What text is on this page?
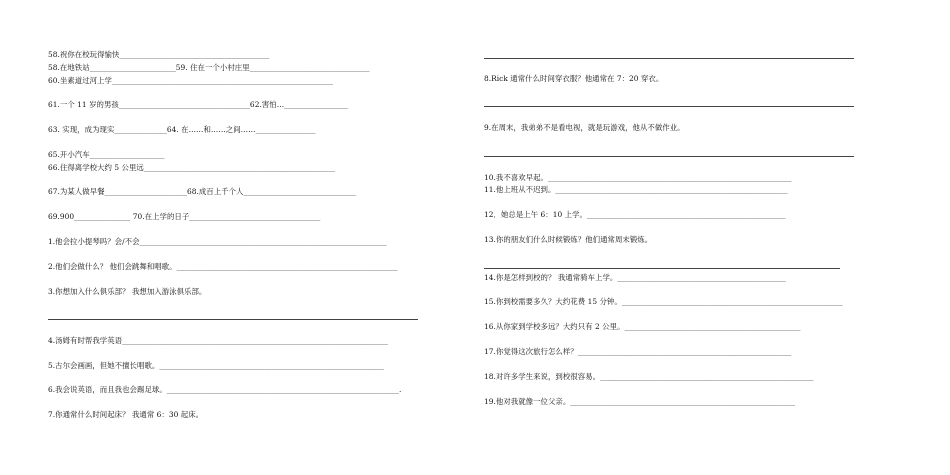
58.祝你在校玩得愉快________________________________________
58.在地铁站_______________________59. 住在一个小村庄里________________________________
60.坐素道过河上学___________________________________________________________
61.一个 11 岁的男孩___________________________________62.害怕…_________________
63. 实现，成为现实______________64. 在……和……之间……________________
65.开小汽车____________________
66.住得离学校大约 5 公里远___________________________________________________
67.为某人做早餐______________________68.成百上千个人______________________________
69.900_______________ 70.在上学的日子___________________________________
1.他会拉小提琴吗？会/不会__________________________________________________________________
2.他们会做什么？ 他们会跳舞和唱歌。___________________________________________________________
3.你想加入什么俱乐部？ 我想加入游泳俱乐部。
4.汤姆有时帮我学英语_______________________________________________________________________
5.古尔会画画，但她不擅长唱歌。____________________________________________________________
6.我会说英语，而且我也会踢足球。______________________________________________________________.
7.你通常什么时间起床？ 我通常 6：30 起床。
8.Rick 通常什么时间穿衣服？他通常在 7：20 穿衣。
9.在周末，我弟弟不是看电视，就是玩游戏，他从不做作业。
10.我不喜欢早起。_________________________________________________________________
11.他上班从不迟到。______________________________________________________________
12．她总是上午 6：10 上学。_____________________________________________________
13.你的朋友们什么时候锻炼？他们通常周末锻炼。
14.你是怎样到校的？ 我通常骑车上学。_____________________________________________
15.你到校需要多久？大约花费 15 分钟。___________________________________________________________
16.从你家到学校多远？大约只有 2 公里。_______________________________________________
17.你觉得这次旅行怎么样？_________________________________________________________
18.对许多学生来说，到校很容易。_________________________________________________________
19.他对我就像一位父亲。____________________________________________________________
